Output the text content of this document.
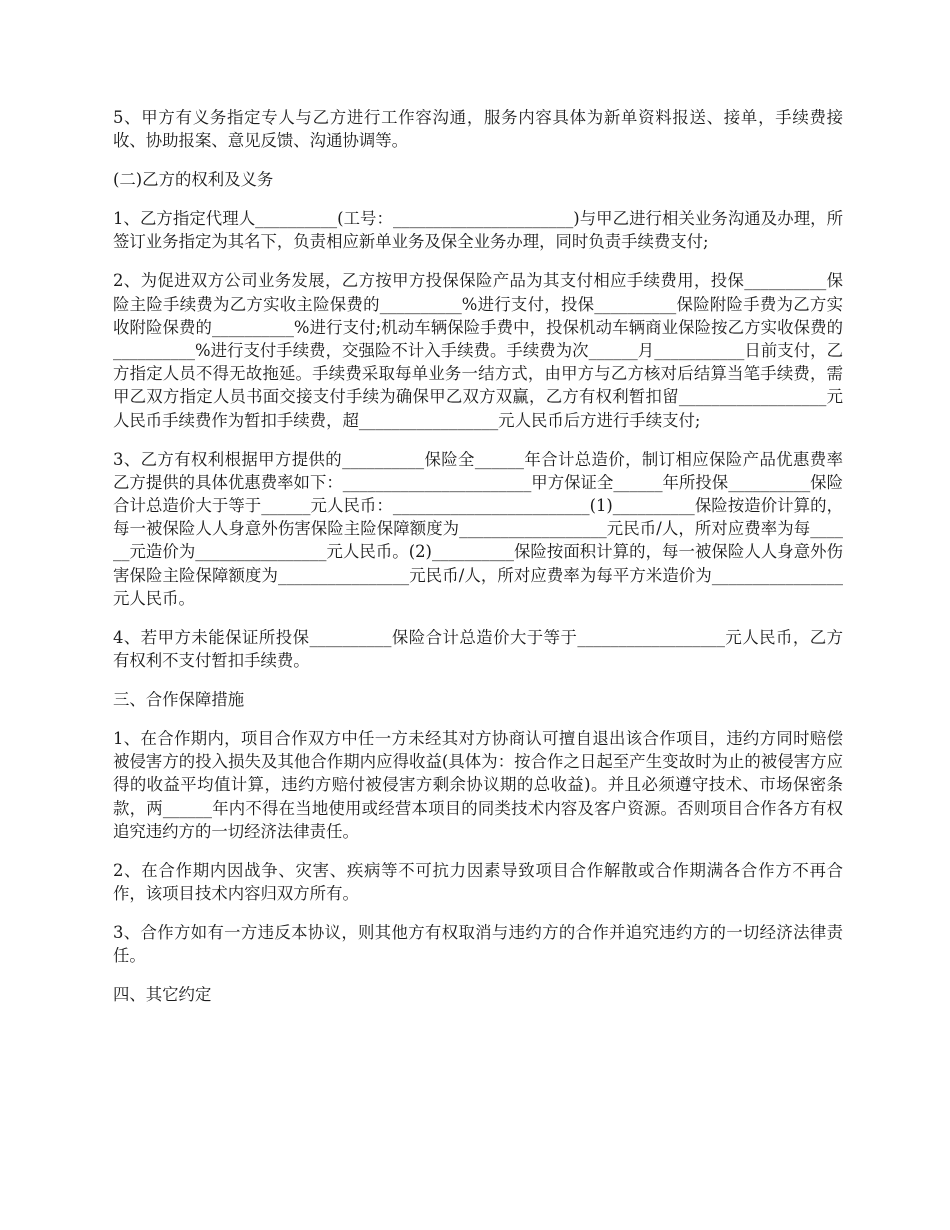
5、甲方有义务指定专人与乙方进行工作容沟通，服务内容具体为新单资料报送、接单，手续费接收、协助报案、意见反馈、沟通协调等。

(二)乙方的权利及义务

1、乙方指定代理人__________(工号：______________________)与甲乙进行相关业务沟通及办理，所签订业务指定为其名下，负责相应新单业务及保全业务办理，同时负责手续费支付;

2、为促进双方公司业务发展，乙方按甲方投保保险产品为其支付相应手续费用，投保__________保险主险手续费为乙方实收主险保费的__________%进行支付，投保__________保险附险手费为乙方实收附险保费的__________%进行支付;机动车辆保险手费中，投保机动车辆商业保险按乙方实收保费的__________%进行支付手续费，交强险不计入手续费。手续费为次______月___________日前支付，乙方指定人员不得无故拖延。手续费采取每单业务一结方式，由甲方与乙方核对后结算当笔手续费，需甲乙双方指定人员书面交接支付手续为确保甲乙双方双赢，乙方有权利暂扣留__________________元人民币手续费作为暂扣手续费，超_________________元人民币后方进行手续支付;

3、乙方有权利根据甲方提供的__________保险全______年合计总造价，制订相应保险产品优惠费率乙方提供的具体优惠费率如下：_______________________甲方保证全______年所投保__________保险合计总造价大于等于______元人民币：________________________(1)__________保险按造价计算的，每一被保险人人身意外伤害保险主险保障额度为__________________元民币/人，所对应费率为每______元造价为________________元人民币。(2)__________保险按面积计算的，每一被保险人人身意外伤害保险主险保障额度为________________元民币/人，所对应费率为每平方米造价为________________元人民币。

4、若甲方未能保证所投保__________保险合计总造价大于等于__________________元人民币，乙方有权利不支付暂扣手续费。

三、合作保障措施

1、在合作期内，项目合作双方中任一方未经其对方协商认可擅自退出该合作项目，违约方同时赔偿被侵害方的投入损失及其他合作期内应得收益(具体为：按合作之日起至产生变故时为止的被侵害方应得的收益平均值计算，违约方赔付被侵害方剩余协议期的总收益)。并且必须遵守技术、市场保密条款，两______年内不得在当地使用或经营本项目的同类技术内容及客户资源。否则项目合作各方有权追究违约方的一切经济法律责任。

2、在合作期内因战争、灾害、疾病等不可抗力因素导致项目合作解散或合作期满各合作方不再合作，该项目技术内容归双方所有。

3、合作方如有一方违反本协议，则其他方有权取消与违约方的合作并追究违约方的一切经济法律责任。

四、其它约定
